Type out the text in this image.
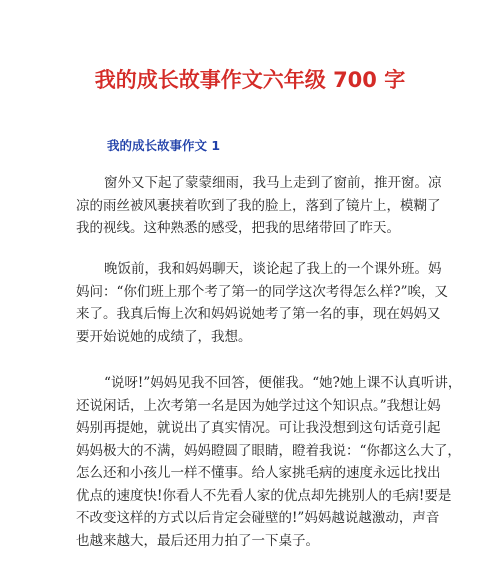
我的成长故事作文六年级 700 字
我的成长故事作文 1
窗外又下起了蒙蒙细雨，我马上走到了窗前，推开窗。凉
凉的雨丝被风裹挟着吹到了我的脸上，落到了镜片上，模糊了
我的视线。这种熟悉的感受，把我的思绪带回了昨天。
晚饭前，我和妈妈聊天，谈论起了我上的一个课外班。妈
妈问：“你们班上那个考了第一的同学这次考得怎么样?”唉，又
来了。我真后悔上次和妈妈说她考了第一名的事，现在妈妈又
要开始说她的成绩了，我想。
“说呀!”妈妈见我不回答，便催我。“她?她上课不认真听讲，
还说闲话，上次考第一名是因为她学过这个知识点。”我想让妈
妈别再提她，就说出了真实情况。可让我没想到这句话竟引起
妈妈极大的不满，妈妈瞪圆了眼睛，瞪着我说：“你都这么大了，
怎么还和小孩儿一样不懂事。给人家挑毛病的速度永远比找出
优点的速度快!你看人不先看人家的优点却先挑别人的毛病!要是
不改变这样的方式以后肯定会碰壁的!”妈妈越说越激动，声音
也越来越大，最后还用力拍了一下桌子。
